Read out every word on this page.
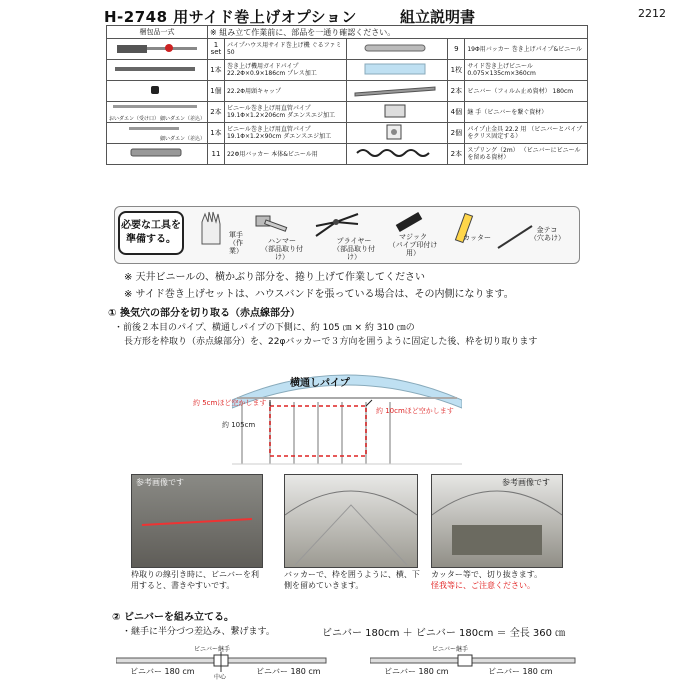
H-2748 用サイド巻上げオプション	組立説明書	2212
梱包品一式	※ 組み立て作業前に、部品を一通り確認ください。				
	1 set	パイプハウス用サイド巻上げ機 ぐるファミ 50		9	19Φ用バッカー 巻き上げパイプ&ビニール
	1本	巻き上げ機用ガイドパイプ 22.2Φ×0.9×186cm プレス加工		1枚	サイド巻き上げビニール 0.075×135cm×360cm
	1個	22.2Φ用頭キャップ		2本	ビニバー（フィルム止め資材） 180cm

おいダエン（受け口） 細いダエン（差込）	2本	ビニール巻き上げ用直管パイプ 19.1Φ×1.2×206cm ダエンスエジ加工		4個	継 手（ビニバーを繋ぐ資材）

細いダエン（差込）	1本	ビニール巻き上げ用直管パイプ 19.1Φ×1.2×90cm ダエンスエジ加工		2個	パイプ止金具 22.2 用 （ビニバーとパイプをクリス固定する）
	11	22Φ用バッカー 本体&ビニール用		2本	スプリング（2m） （ビニバーにビニールを留める資材）
必要な工具を準備する。	軍手
（作業）
ハンマー
（部品取り付け）
プライヤー
（部品取り付け）
マジック
（パイプ印付け用）
カッター
金テコ
（穴あけ）
※ 天井ビニールの、横かぶり部分を、捲り上げて作業してください
※ サイド巻き上げセットは、ハウスバンドを張っている場合は、その内側になります。
① 換気穴の部分を切り取る（赤点線部分）
・前後２本目のパイプ、横通しパイプの下側に、約 105 ㎝ × 約 310 ㎝の
長方形を枠取り（赤点線部分）を、22φバッカーで３方向を囲うように固定した後、枠を切り取ります
横通しパイプ
約 5cmほど空かします
約 105cm
約 10cmほど空かします
参考画像です	参考画像です
枠取りの線引き時に、ビニバーを利用すると、書きやすいです。
バッカーで、枠を囲うように、横、下側を留めていきます。
カッター等で、切り抜きます。
怪我等に、ご注意ください。
② ビニバーを組み立てる。
・継手に半分づつ差込み、繋げます。	ビニバー 180cm ＋ ビニバー 180cm ＝ 全長 360 ㎝
ビニバー継手
中心
ビニバー 180 cm	ビニバー 180 cm
ビニバー継手
ビニバー 180 cm	ビニバー 180 cm
